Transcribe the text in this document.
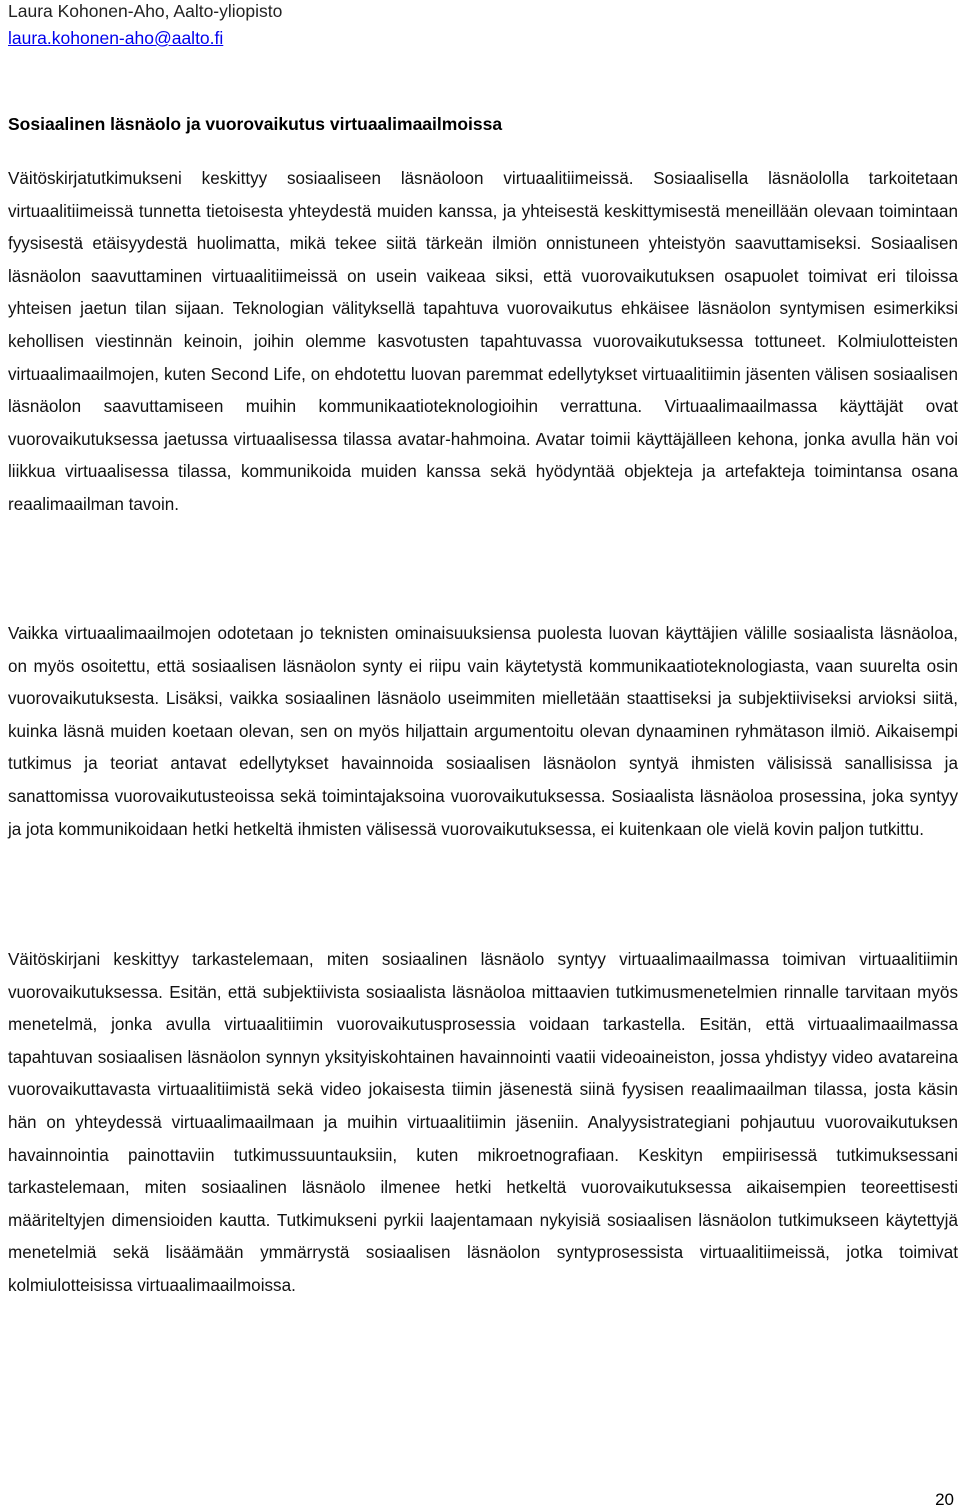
Laura Kohonen-Aho, Aalto-yliopisto
laura.kohonen-aho@aalto.fi
Sosiaalinen läsnäolo ja vuorovaikutus virtuaalimaailmoissa

Väitöskirjatutkimukseni keskittyy sosiaaliseen läsnäoloon virtuaalitiimeissä. Sosiaalisella läsnäololla tarkoitetaan virtuaalitiimeissä tunnetta tietoisesta yhteydestä muiden kanssa, ja yhteisestä keskittymisestä meneillään olevaan toimintaan fyysisestä etäisyydestä huolimatta, mikä tekee siitä tärkeän ilmiön onnistuneen yhteistyön saavuttamiseksi. Sosiaalisen läsnäolon saavuttaminen virtuaalitiimeissä on usein vaikeaa siksi, että vuorovaikutuksen osapuolet toimivat eri tiloissa yhteisen jaetun tilan sijaan. Teknologian välityksellä tapahtuva vuorovaikutus ehkäisee läsnäolon syntymisen esimerkiksi kehollisen viestinnän keinoin, joihin olemme kasvotusten tapahtuvassa vuorovaikutuksessa tottuneet. Kolmiulotteisten virtuaalimaailmojen, kuten Second Life, on ehdotettu luovan paremmat edellytykset virtuaalitiimin jäsenten välisen sosiaalisen läsnäolon saavuttamiseen muihin kommunikaatioteknologioihin verrattuna. Virtuaalimaailmassa käyttäjät ovat vuorovaikutuksessa jaetussa virtuaalisessa tilassa avatar-hahmoina. Avatar toimii käyttäjälleen kehona, jonka avulla hän voi liikkua virtuaalisessa tilassa, kommunikoida muiden kanssa sekä hyödyntää objekteja ja artefakteja toimintansa osana reaalimaailman tavoin.

Vaikka virtuaalimaailmojen odotetaan jo teknisten ominaisuuksiensa puolesta luovan käyttäjien välille sosiaalista läsnäoloa, on myös osoitettu, että sosiaalisen läsnäolon synty ei riipu vain käytetystä kommunikaatioteknologiasta, vaan suurelta osin vuorovaikutuksesta. Lisäksi, vaikka sosiaalinen läsnäolo useimmiten mielletään staattiseksi ja subjektiiviseksi arvioksi siitä, kuinka läsnä muiden koetaan olevan, sen on myös hiljattain argumentoitu olevan dynaaminen ryhmätason ilmiö. Aikaisempi tutkimus ja teoriat antavat edellytykset havainnoida sosiaalisen läsnäolon syntyä ihmisten välisissä sanallisissa ja sanattomissa vuorovaikutusteoissa sekä toimintajaksoina vuorovaikutuksessa. Sosiaalista läsnäoloa prosessina, joka syntyy ja jota kommunikoidaan hetki hetkeltä ihmisten välisessä vuorovaikutuksessa, ei kuitenkaan ole vielä kovin paljon tutkittu.

Väitöskirjani keskittyy tarkastelemaan, miten sosiaalinen läsnäolo syntyy virtuaalimaailmassa toimivan virtuaalitiimin vuorovaikutuksessa. Esitän, että subjektiivista sosiaalista läsnäoloa mittaavien tutkimusmenetelmien rinnalle tarvitaan myös menetelmä, jonka avulla virtuaalitiimin vuorovaikutusprosessia voidaan tarkastella. Esitän, että virtuaalimaailmassa tapahtuvan sosiaalisen läsnäolon synnyn yksityiskohtainen havainnointi vaatii videoaineiston, jossa yhdistyy video avatareina vuorovaikuttavasta virtuaalitiimistä sekä video jokaisesta tiimin jäsenestä siinä fyysisen reaalimaailman tilassa, josta käsin hän on yhteydessä virtuaalimaailmaan ja muihin virtuaalitiimin jäseniin. Analyysistrategiani pohjautuu vuorovaikutuksen havainnointia painottaviin tutkimussuuntauksiin, kuten mikroetnografiaan. Keskityn empiirisessä tutkimuksessani tarkastelemaan, miten sosiaalinen läsnäolo ilmenee hetki hetkeltä vuorovaikutuksessa aikaisempien teoreettisesti määriteltyjen dimensioiden kautta. Tutkimukseni pyrkii laajentamaan nykyisiä sosiaalisen läsnäolon tutkimukseen käytettyjä menetelmiä sekä lisäämään ymmärrystä sosiaalisen läsnäolon syntyprosessista virtuaalitiimeissä, jotka toimivat kolmiulotteisissa virtuaalimaailmoissa.

20
